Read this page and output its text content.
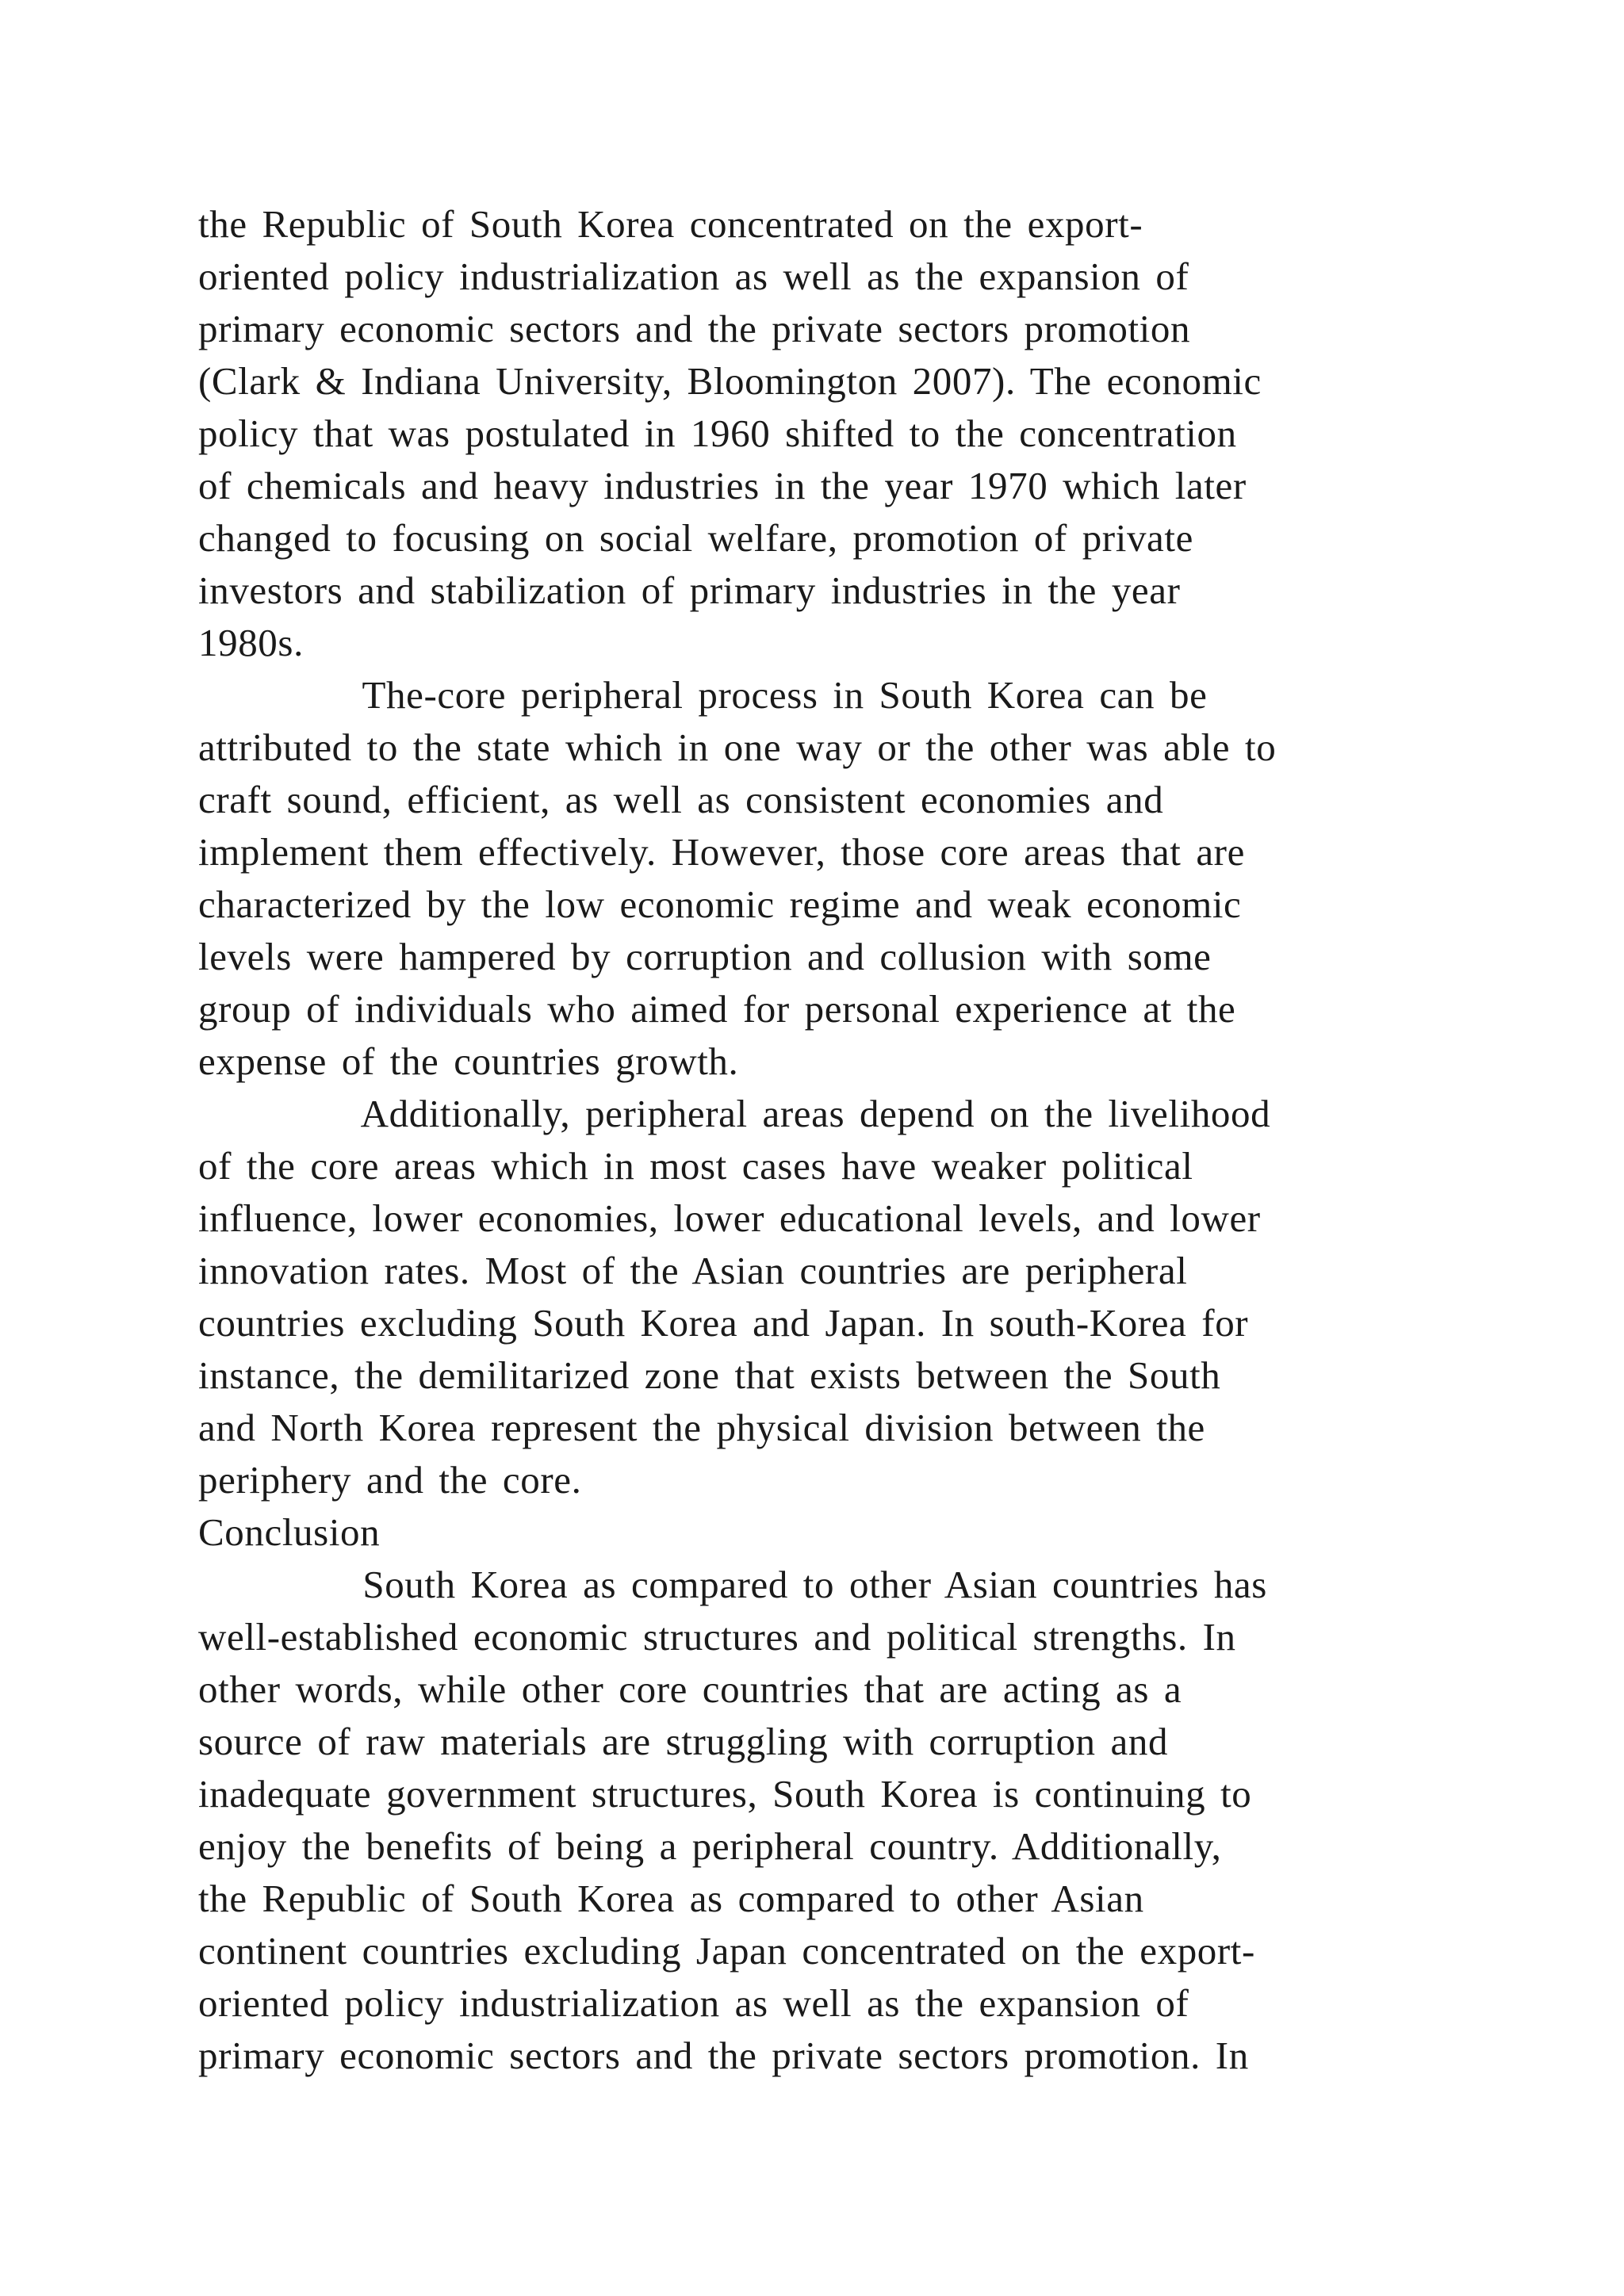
the Republic of South Korea concentrated on the export-
oriented policy industrialization as well as the expansion of
primary economic sectors and the private sectors promotion
(Clark & Indiana University, Bloomington 2007). The economic
policy that was postulated in 1960 shifted to the concentration
of chemicals and heavy industries in the year 1970 which later
changed to focusing on social welfare, promotion of private
investors and stabilization of primary industries in the year
1980s.
The-core peripheral process in South Korea can be
attributed to the state which in one way or the other was able to
craft sound, efficient, as well as consistent economies and
implement them effectively. However, those core areas that are
characterized by the low economic regime and weak economic
levels were hampered by corruption and collusion with some
group of individuals who aimed for personal experience at the
expense of the countries growth.
Additionally, peripheral areas depend on the livelihood
of the core areas which in most cases have weaker political
influence, lower economies, lower educational levels, and lower
innovation rates. Most of the Asian countries are peripheral
countries excluding South Korea and Japan. In south-Korea for
instance, the demilitarized zone that exists between the South
and North Korea represent the physical division between the
periphery and the core.
Conclusion
South Korea as compared to other Asian countries has
well-established economic structures and political strengths. In
other words, while other core countries that are acting as a
source of raw materials are struggling with corruption and
inadequate government structures, South Korea is continuing to
enjoy the benefits of being a peripheral country. Additionally,
the Republic of South Korea as compared to other Asian
continent countries excluding Japan concentrated on the export-
oriented policy industrialization as well as the expansion of
primary economic sectors and the private sectors promotion. In
